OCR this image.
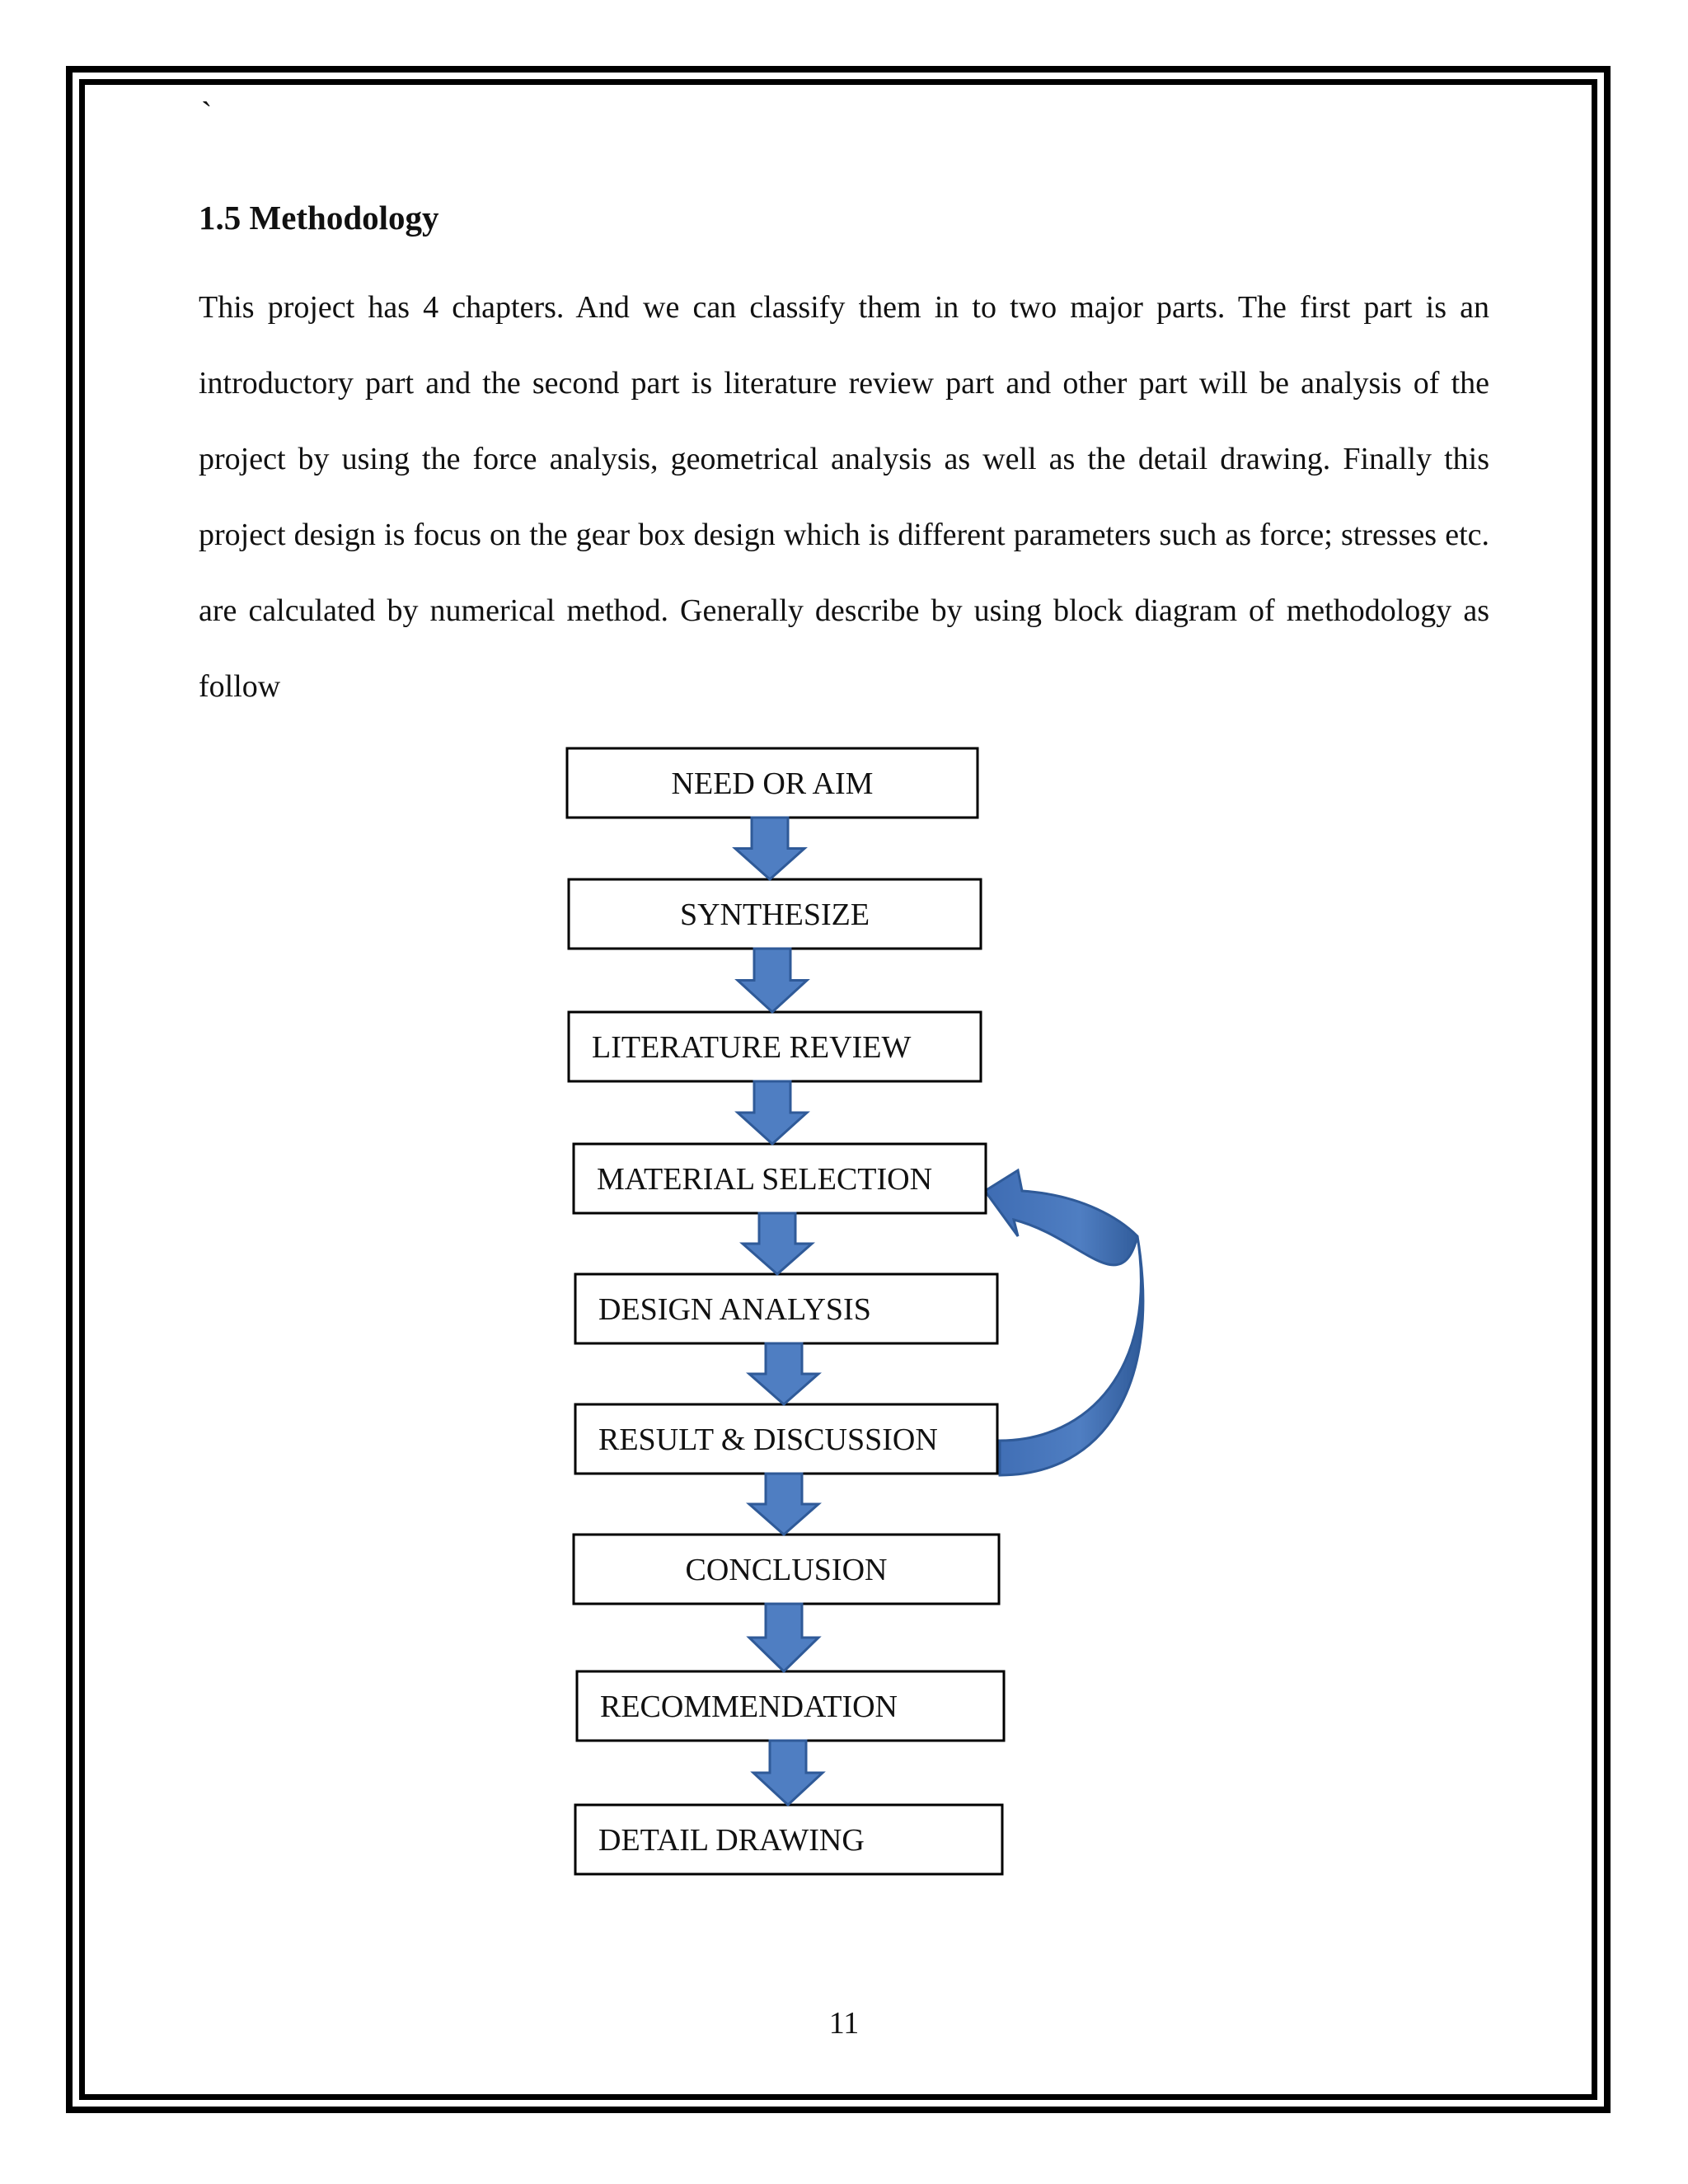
`
1.5 Methodology

This project has 4 chapters. And we can classify them in to two major parts. The first part is an introductory part and the second part is literature review part and other part will be analysis of the project by using the force analysis, geometrical analysis as well as the detail drawing. Finally this project design is focus on the gear box design which is different parameters such as force; stresses etc. are calculated by numerical method. Generally describe by using block diagram of methodology as follow

NEED OR AIM
SYNTHESIZE
LITERATURE REVIEW
MATERIAL SELECTION
DESIGN ANALYSIS
RESULT & DISCUSSION
CONCLUSION
RECOMMENDATION
DETAIL DRAWING
11
